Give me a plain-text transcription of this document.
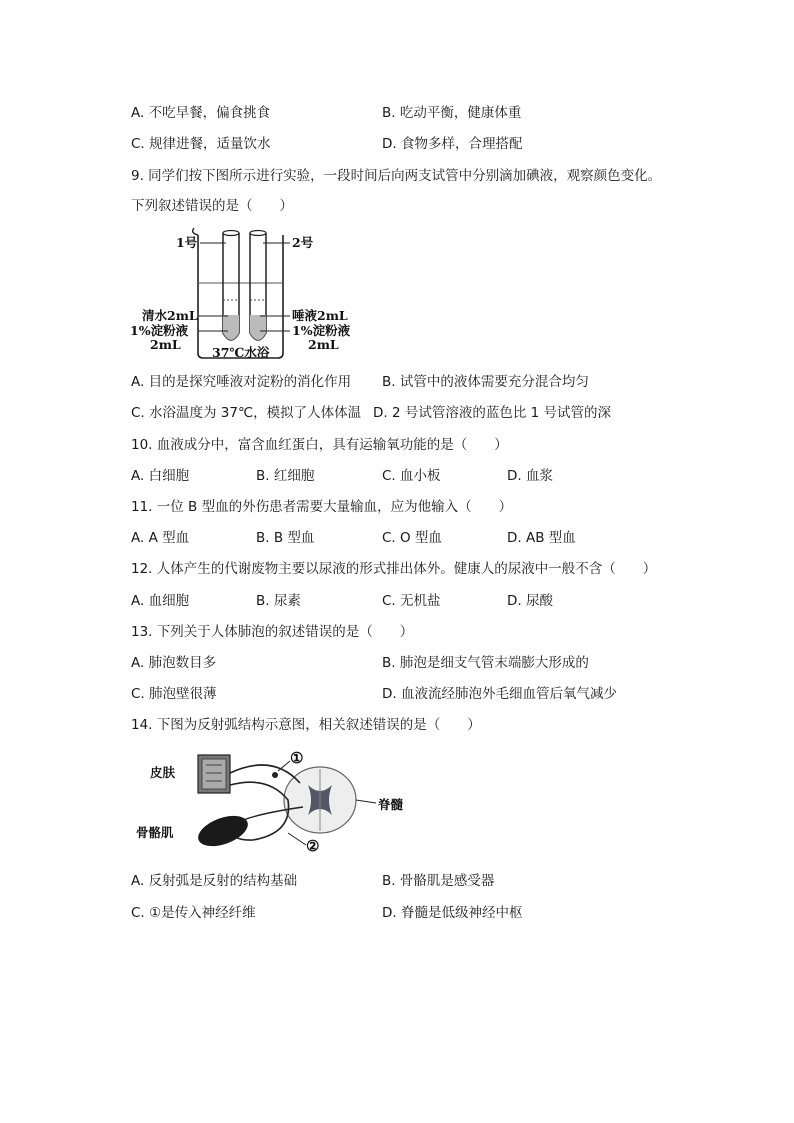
A. 不吃早餐，偏食挑食	B. 吃动平衡，健康体重
C. 规律进餐，适量饮水	D. 食物多样，合理搭配
9. 同学们按下图所示进行实验，一段时间后向两支试管中分别滴加碘液，观察颜色变化。
下列叙述错误的是（　　）
1号	2号
清水2mL	唾液2mL
1%淀粉液	1%淀粉液
2mL	2mL
37℃水浴
A. 目的是探究唾液对淀粉的消化作用 B. 试管中的液体需要充分混合均匀
C. 水浴温度为 37℃，模拟了人体体温 D. 2 号试管溶液的蓝色比 1 号试管的深
10. 血液成分中，富含血红蛋白，具有运输氧功能的是（　　）
A. 白细胞	B. 红细胞	C. 血小板	D. 血浆
11. 一位 B 型血的外伤患者需要大量输血，应为他输入（　　）
A. A 型血	B. B 型血	C. O 型血	D. AB 型血
12. 人体产生的代谢废物主要以尿液的形式排出体外。健康人的尿液中一般不含（　　）
A. 血细胞	B. 尿素	C. 无机盐	D. 尿酸
13. 下列关于人体肺泡的叙述错误的是（　　）
A. 肺泡数目多	B. 肺泡是细支气管末端膨大形成的
C. 肺泡壁很薄	D. 血液流经肺泡外毛细血管后氧气减少
14. 下图为反射弧结构示意图，相关叙述错误的是（　　）
皮肤
骨骼肌
脊髓
①
②
A. 反射弧是反射的结构基础	B. 骨骼肌是感受器
C. ①是传入神经纤维	D. 脊髓是低级神经中枢
